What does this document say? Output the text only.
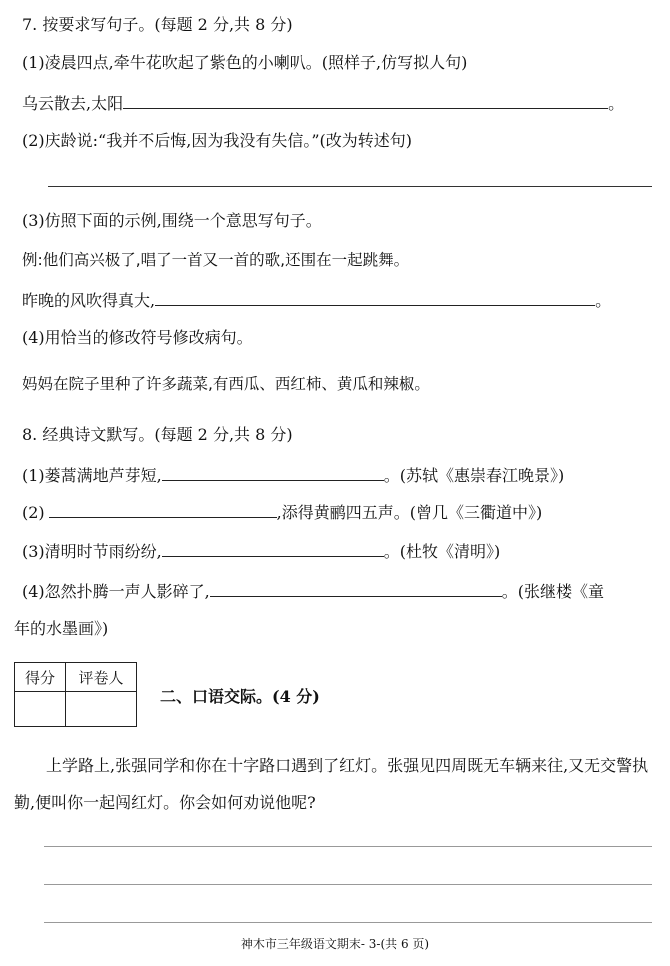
7. 按要求写句子。(每题 2 分,共 8 分)
(1)凌晨四点,牵牛花吹起了紫色的小喇叭。(照样子,仿写拟人句)
乌云散去,太阳	。
(2)庆龄说:“我并不后悔,因为我没有失信。”(改为转述句)
(3)仿照下面的示例,围绕一个意思写句子。
例:他们高兴极了,唱了一首又一首的歌,还围在一起跳舞。
昨晚的风吹得真大,	。
(4)用恰当的修改符号修改病句。
妈妈在院子里种了许多蔬菜,有西瓜、西红柿、黄瓜和辣椒。
8. 经典诗文默写。(每题 2 分,共 8 分)
(1)蒌蒿满地芦芽短,	。(苏轼《惠崇春江晚景》)
(2)	,添得黄鹂四五声。(曾几《三衢道中》)
(3)清明时节雨纷纷,	。(杜牧《清明》)
(4)忽然扑腾一声人影碎了,	。(张继楼《童
年的水墨画》)
得分	评卷人

二、口语交际。(4 分)
上学路上,张强同学和你在十字路口遇到了红灯。张强见四周既无车辆来往,又无交警执勤,便叫你一起闯红灯。你会如何劝说他呢?
神木市三年级语文期末- 3-(共 6 页)
